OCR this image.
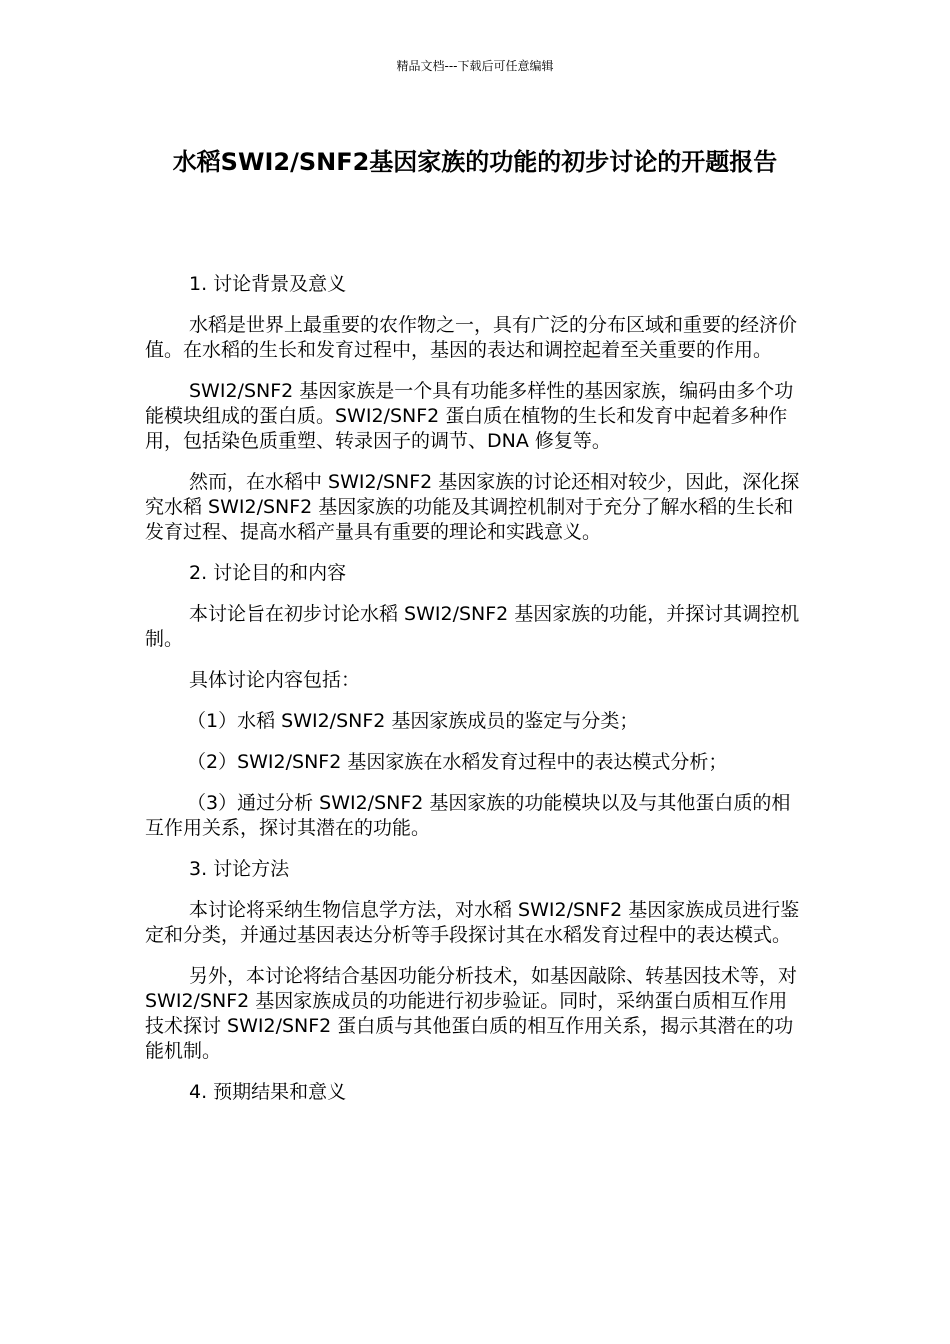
精品文档---下载后可任意编辑
水稻SWI2/SNF2基因家族的功能的初步讨论的开题报告

1. 讨论背景及意义

水稻是世界上最重要的农作物之一，具有广泛的分布区域和重要的经济价值。在水稻的生长和发育过程中，基因的表达和调控起着至关重要的作用。

SWI2/SNF2 基因家族是一个具有功能多样性的基因家族，编码由多个功能模块组成的蛋白质。SWI2/SNF2 蛋白质在植物的生长和发育中起着多种作用，包括染色质重塑、转录因子的调节、DNA 修复等。

然而，在水稻中 SWI2/SNF2 基因家族的讨论还相对较少，因此，深化探究水稻 SWI2/SNF2 基因家族的功能及其调控机制对于充分了解水稻的生长和发育过程、提高水稻产量具有重要的理论和实践意义。

2. 讨论目的和内容

本讨论旨在初步讨论水稻 SWI2/SNF2 基因家族的功能，并探讨其调控机制。

具体讨论内容包括：

（1）水稻 SWI2/SNF2 基因家族成员的鉴定与分类；

（2）SWI2/SNF2 基因家族在水稻发育过程中的表达模式分析；

（3）通过分析 SWI2/SNF2 基因家族的功能模块以及与其他蛋白质的相互作用关系，探讨其潜在的功能。

3. 讨论方法

本讨论将采纳生物信息学方法，对水稻 SWI2/SNF2 基因家族成员进行鉴定和分类，并通过基因表达分析等手段探讨其在水稻发育过程中的表达模式。

另外，本讨论将结合基因功能分析技术，如基因敲除、转基因技术等，对 SWI2/SNF2 基因家族成员的功能进行初步验证。同时，采纳蛋白质相互作用技术探讨 SWI2/SNF2 蛋白质与其他蛋白质的相互作用关系，揭示其潜在的功能机制。

4. 预期结果和意义
